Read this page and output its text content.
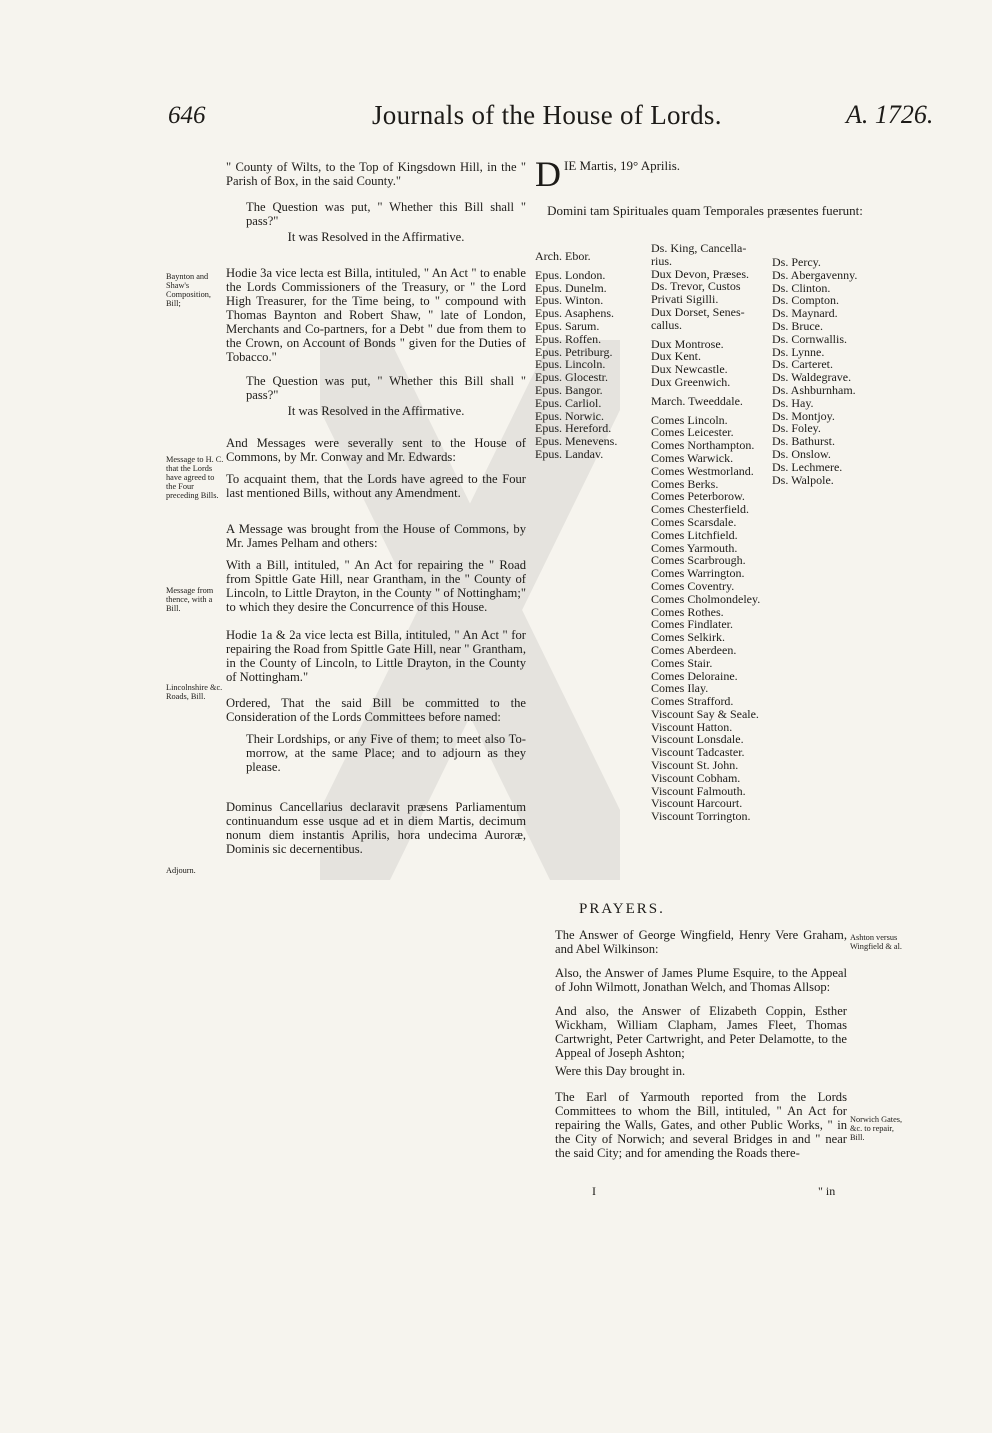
646	Journals of the House of Lords.	A. 1726.

" County of Wilts, to the Top of Kingsdown Hill, in the " Parish of Box, in the said County."

The Question was put, " Whether this Bill shall " pass?"

It was Resolved in the Affirmative.

Hodie 3a vice lecta est Billa, intituled, " An Act " to enable the Lords Commissioners of the Treasury, or " the Lord High Treasurer, for the Time being, to " compound with Thomas Baynton and Robert Shaw, " late of London, Merchants and Co-partners, for a Debt " due from them to the Crown, on Account of Bonds " given for the Duties of Tobacco."

The Question was put, " Whether this Bill shall " pass?"

It was Resolved in the Affirmative.

And Messages were severally sent to the House of Commons, by Mr. Conway and Mr. Edwards:

To acquaint them, that the Lords have agreed to the Four last mentioned Bills, without any Amendment.

A Message was brought from the House of Commons, by Mr. James Pelham and others:

With a Bill, intituled, " An Act for repairing the " Road from Spittle Gate Hill, near Grantham, in the " County of Lincoln, to Little Drayton, in the County " of Nottingham;" to which they desire the Concurrence of this House.

Hodie 1a & 2a vice lecta est Billa, intituled, " An Act " for repairing the Road from Spittle Gate Hill, near " Grantham, in the County of Lincoln, to Little Drayton, in the County of Nottingham."

Ordered, That the said Bill be committed to the Consideration of the Lords Committees before named:

Their Lordships, or any Five of them; to meet also To-morrow, at the same Place; and to adjourn as they please.

Dominus Cancellarius declaravit præsens Parliamentum continuandum esse usque ad et in diem Martis, decimum nonum diem instantis Aprilis, hora undecima Auroræ, Dominis sic decernentibus.

Baynton and Shaw's Composition, Bill;
Message to H. C. that the Lords have agreed to the Four preceding Bills.
Message from thence, with a Bill.
Lincolnshire &c. Roads, Bill.
Adjourn.
D IE Martis, 19° Aprilis.
Domini tam Spirituales quam Temporales præsentes fuerunt:
Arch. Ebor.

Epus. London.
Epus. Dunelm.
Epus. Winton.
Epus. Asaphens.
Epus. Sarum.
Epus. Roffen.
Epus. Petriburg.
Epus. Lincoln.
Epus. Glocestr.
Epus. Bangor.
Epus. Carliol.
Epus. Norwic.
Epus. Hereford.
Epus. Menevens.
Epus. Landav.
Ds. King, Cancella-
rius.
Dux Devon, Præses.
Ds. Trevor, Custos
Privati Sigilli.
Dux Dorset, Senes-
callus.

Dux Montrose.
Dux Kent.
Dux Newcastle.
Dux Greenwich.

March. Tweeddale.

Comes Lincoln.
Comes Leicester.
Comes Northampton.
Comes Warwick.
Comes Westmorland.
Comes Berks.
Comes Peterborow.
Comes Chesterfield.
Comes Scarsdale.
Comes Litchfield.
Comes Yarmouth.
Comes Scarbrough.
Comes Warrington.
Comes Coventry.
Comes Cholmondeley.
Comes Rothes.
Comes Findlater.
Comes Selkirk.
Comes Aberdeen.
Comes Stair.
Comes Deloraine.
Comes Ilay.
Comes Strafford.
Viscount Say & Seale.
Viscount Hatton.
Viscount Lonsdale.
Viscount Tadcaster.
Viscount St. John.
Viscount Cobham.
Viscount Falmouth.
Viscount Harcourt.
Viscount Torrington.
Ds. Percy.
Ds. Abergavenny.
Ds. Clinton.
Ds. Compton.
Ds. Maynard.
Ds. Bruce.
Ds. Cornwallis.
Ds. Lynne.
Ds. Carteret.
Ds. Waldegrave.
Ds. Ashburnham.
Ds. Hay.
Ds. Montjoy.
Ds. Foley.
Ds. Bathurst.
Ds. Onslow.
Ds. Lechmere.
Ds. Walpole.
PRAYERS.

The Answer of George Wingfield, Henry Vere Graham, and Abel Wilkinson:

Also, the Answer of James Plume Esquire, to the Appeal of John Wilmott, Jonathan Welch, and Thomas Allsop:

And also, the Answer of Elizabeth Coppin, Esther Wickham, William Clapham, James Fleet, Thomas Cartwright, Peter Cartwright, and Peter Delamotte, to the Appeal of Joseph Ashton;

Were this Day brought in.

The Earl of Yarmouth reported from the Lords Committees to whom the Bill, intituled, " An Act for repairing the Walls, Gates, and other Public Works, " in the City of Norwich; and several Bridges in and " near the said City; and for amending the Roads there-

Ashton versus Wingfield & al.
Norwich Gates, &c. to repair, Bill.
I	" in
